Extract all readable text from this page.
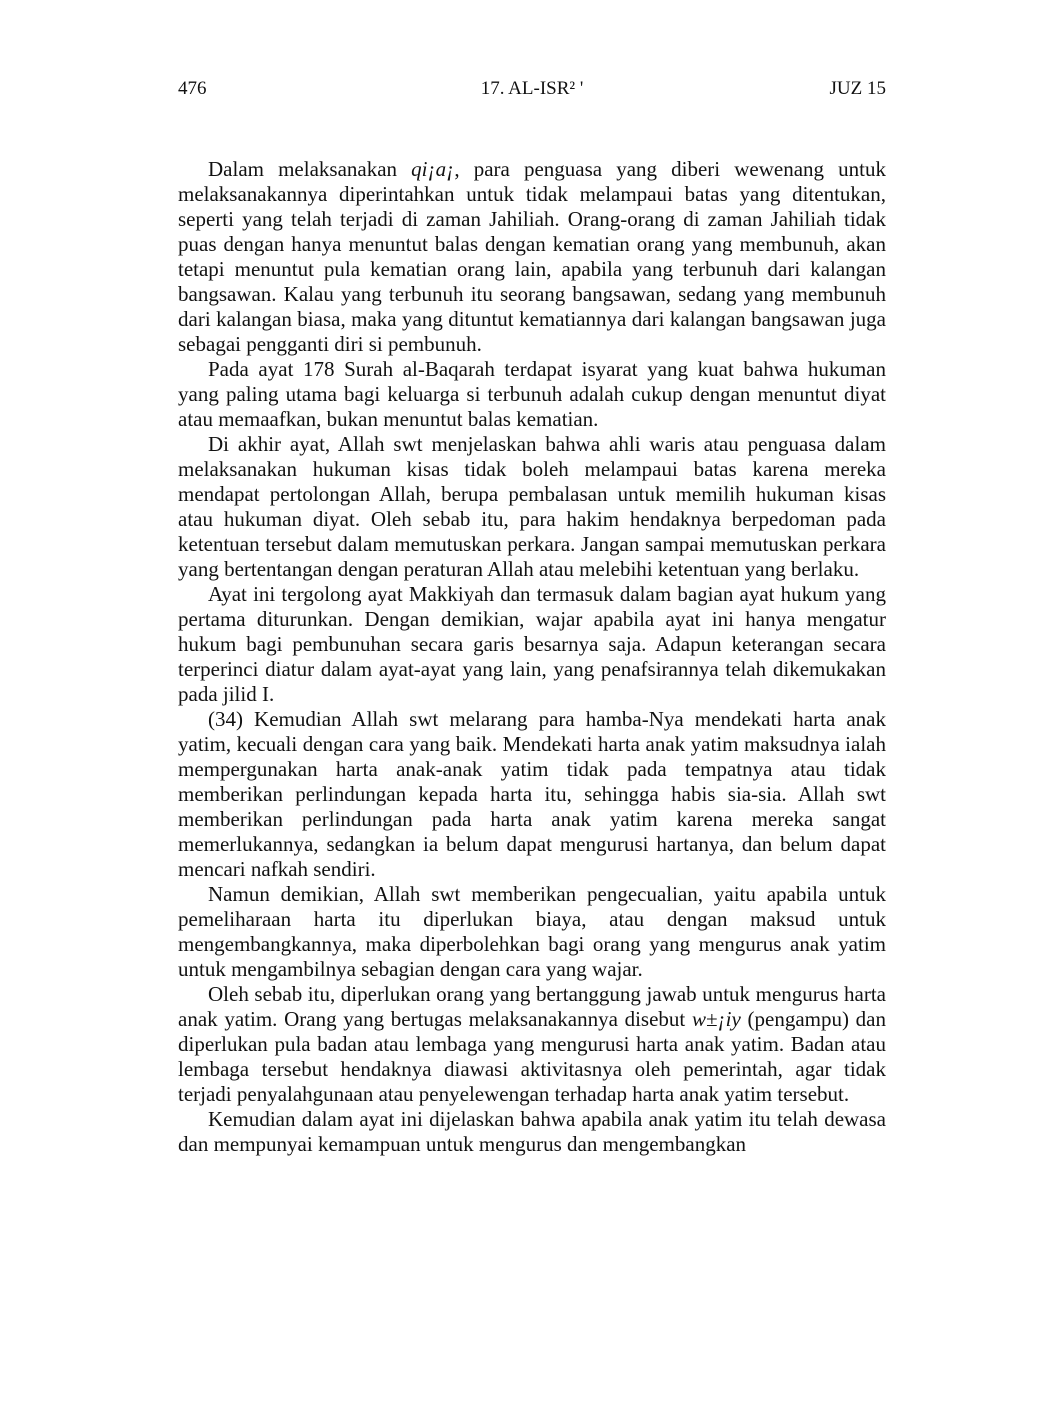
476	17. AL-ISR² '	JUZ 15

Dalam melaksanakan qi¡a¡, para penguasa yang diberi wewenang untuk melaksanakannya diperintahkan untuk tidak melampaui batas yang ditentukan, seperti yang telah terjadi di zaman Jahiliah. Orang-orang di zaman Jahiliah tidak puas dengan hanya menuntut balas dengan kematian orang yang membunuh, akan tetapi menuntut pula kematian orang lain, apabila yang terbunuh dari kalangan bangsawan. Kalau yang terbunuh itu seorang bangsawan, sedang yang membunuh dari kalangan biasa, maka yang dituntut kematiannya dari kalangan bangsawan juga sebagai pengganti diri si pembunuh.

Pada ayat 178 Surah al-Baqarah terdapat isyarat yang kuat bahwa hukuman yang paling utama bagi keluarga si terbunuh adalah cukup dengan menuntut diyat atau memaafkan, bukan menuntut balas kematian.

Di akhir ayat, Allah swt menjelaskan bahwa ahli waris atau penguasa dalam melaksanakan hukuman kisas tidak boleh melampaui batas karena mereka mendapat pertolongan Allah, berupa pembalasan untuk memilih hukuman kisas atau hukuman diyat. Oleh sebab itu, para hakim hendaknya berpedoman pada ketentuan tersebut dalam memutuskan perkara. Jangan sampai memutuskan perkara yang bertentangan dengan peraturan Allah atau melebihi ketentuan yang berlaku.

Ayat ini tergolong ayat Makkiyah dan termasuk dalam bagian ayat hukum yang pertama diturunkan. Dengan demikian, wajar apabila ayat ini hanya mengatur hukum bagi pembunuhan secara garis besarnya saja. Adapun keterangan secara terperinci diatur dalam ayat-ayat yang lain, yang penafsirannya telah dikemukakan pada jilid I.

(34) Kemudian Allah swt melarang para hamba-Nya mendekati harta anak yatim, kecuali dengan cara yang baik. Mendekati harta anak yatim maksudnya ialah mempergunakan harta anak-anak yatim tidak pada tempatnya atau tidak memberikan perlindungan kepada harta itu, sehingga habis sia-sia. Allah swt memberikan perlindungan pada harta anak yatim karena mereka sangat memerlukannya, sedangkan ia belum dapat mengurusi hartanya, dan belum dapat mencari nafkah sendiri.

Namun demikian, Allah swt memberikan pengecualian, yaitu apabila untuk pemeliharaan harta itu diperlukan biaya, atau dengan maksud untuk mengembangkannya, maka diperbolehkan bagi orang yang mengurus anak yatim untuk mengambilnya sebagian dengan cara yang wajar.

Oleh sebab itu, diperlukan orang yang bertanggung jawab untuk mengurus harta anak yatim. Orang yang bertugas melaksanakannya disebut w±¡iy (pengampu) dan diperlukan pula badan atau lembaga yang mengurusi harta anak yatim. Badan atau lembaga tersebut hendaknya diawasi aktivitasnya oleh pemerintah, agar tidak terjadi penyalahgunaan atau penyelewengan terhadap harta anak yatim tersebut.

Kemudian dalam ayat ini dijelaskan bahwa apabila anak yatim itu telah dewasa dan mempunyai kemampuan untuk mengurus dan mengembangkan
